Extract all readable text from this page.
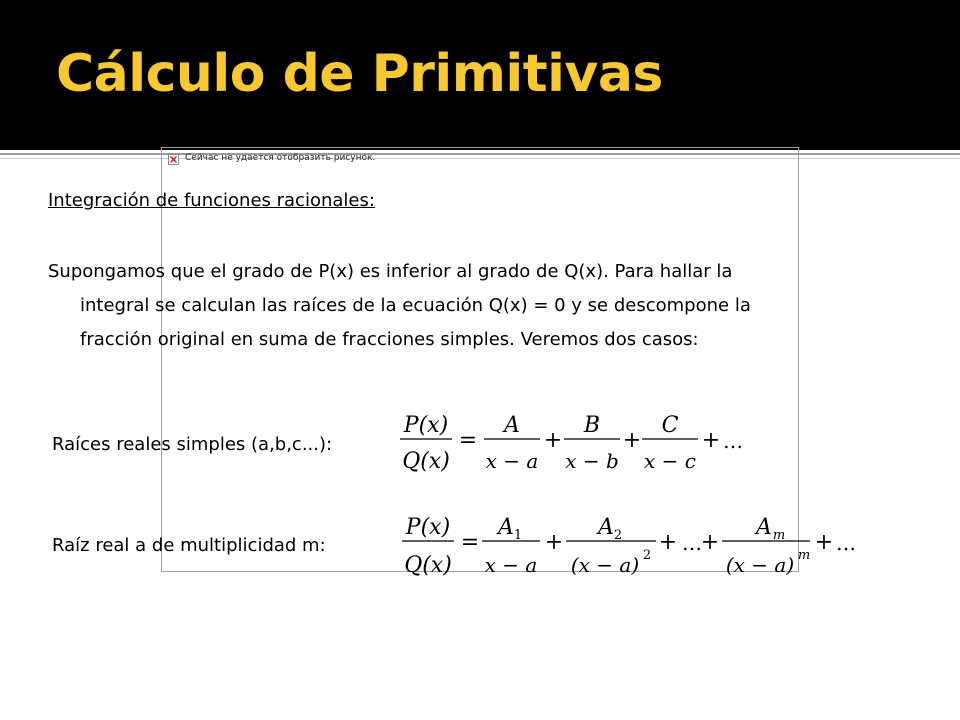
Cálculo de Primitivas
Сейчас не удается отобразить рисунок.
Integración de funciones racionales:
Supongamos que el grado de P(x) es inferior al grado de Q(x). Para hallar la
integral se calculan las raíces de la ecuación Q(x) = 0 y se descompone la
fracción original en suma de fracciones simples. Veremos dos casos:
Raíces reales simples (a,b,c...):
P(x)
Q(x)
=
A
x − a
+
B
x − b
+
C
x − c
+ …
Raíz real a de multiplicidad m:
P(x)
Q(x)
=
A 1
x − a
+
A 2
(x − a) 2
+ …
+
A m
(x − a) m
+ …
